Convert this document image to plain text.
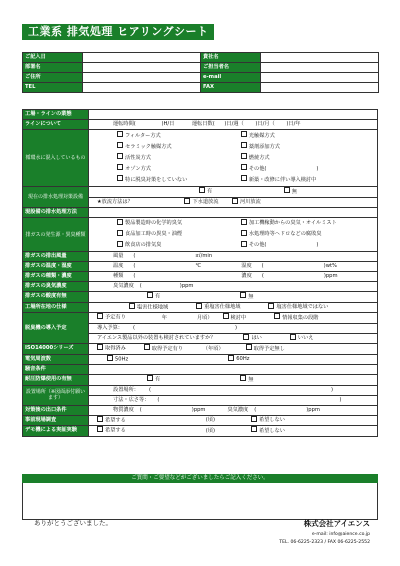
工業系 排気処理 ヒアリングシート
ご記入日		貴社名	
部署名		ご担当者名	
ご住所		e-mail	
TEL		FAX	
工場・ラインの業態	
ラインについて	運転時間( )H/日 運転日数( )日/週（ )日/月（ )日/年
循環水に混入しているもの	フィルター方式 光触媒方式
セラミック触媒方式 薬剤添加方式
活性炭方式 燃焼方式
オゾン方式 その他( )
特に脱臭対策をしていない 新築・改修に伴い導入検討中

現在の排水処理対策設備	有 無
	★放流方法は？ 下水道放流 河川放流
現設備の排水処理方法	
排ガスの発生源・異臭種類	製品製造時の化学的臭気 加工機稼動からの臭気・オイルミスト
食品加工時の異臭・油煙 水処理時等ヘドロなどの腐敗臭
飲食店の排気臭 その他( )

排ガスの排出風量	風量 ( ㎥/min
排ガスの温度・湿度	温度 ( ℃ 湿度 ( )wt%
排ガスの種類・濃度	種類 ( 濃度 ( )ppm
排ガスの臭気濃度	臭気濃度 ( )ppm
排ガスの酸度有無	有 無
工場所在地の仕様	塩害仕様地域 重塩害仕様地域 塩害仕様地域ではない
脱臭機の導入予定	予定有り 年 月頃） 検討中 情報収集の段階
	導入予算： ( )
	アイエンス製品以外の装置も検討されていますか？ はい いいえ
ISO14000シリーズ	取得済み 取得予定有り （年頃） 取得予定無し
電気周波数	50Hz 60Hz
騒音条件	
耐圧防爆使用の有無	有 無
設置場所（※図面添付願います）	設置場所： ( )
	寸法・広さ等： ( )
対策後の出口条件	物質濃度 ( )ppm 臭気濃度 ( )ppm
事前現場調査	希望する (頃) 希望しない
デモ機による実証実験	希望する (頃) 希望しない
ご質問・ご要望などがございましたらご記入ください。
ありがとうございました。	株式会社アイエンス
e-mail: info@aience.co.jp
TEL. 06-6225-2323 / FAX 06-6225-2552
